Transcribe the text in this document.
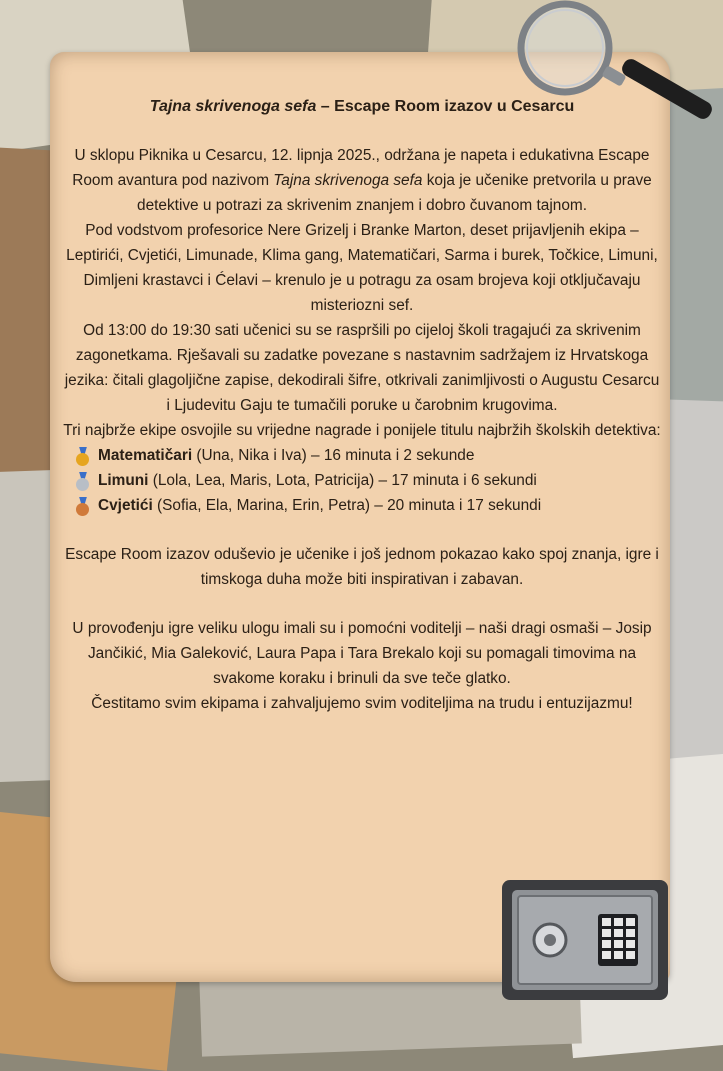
Tajna skrivenoga sefa – Escape Room izazov u Cesarcu

U sklopu Piknika u Cesarcu, 12. lipnja 2025., održana je napeta i edukativna Escape Room avantura pod nazivom Tajna skrivenoga sefa koja je učenike pretvorila u prave detektive u potrazi za skrivenim znanjem i dobro čuvanom tajnom.

Pod vodstvom profesorice Nere Grizelj i Branke Marton, deset prijavljenih ekipa – Leptirići, Cvjetići, Limunade, Klima gang, Matematičari, Sarma i burek, Točkice, Limuni, Dimljeni krastavci i Ćelavi – krenulo je u potragu za osam brojeva koji otključavaju misteriozni sef.

Od 13:00 do 19:30 sati učenici su se raspršili po cijeloj školi tragajući za skrivenim zagonetkama. Rješavali su zadatke povezane s nastavnim sadržajem iz Hrvatskoga jezika: čitali glagoljične zapise, dekodirali šifre, otkrivali zanimljivosti o Augustu Cesarcu i Ljudevitu Gaju te tumačili poruke u čarobnim krugovima.

Tri najbrže ekipe osvojile su vrijedne nagrade i ponijele titulu najbržih školskih detektiva:

Matematičari (Una, Nika i Iva) – 16 minuta i 2 sekunde
Limuni (Lola, Lea, Maris, Lota, Patricija) – 17 minuta i 6 sekundi
Cvjetići (Sofia, Ela, Marina, Erin, Petra) – 20 minuta i 17 sekundi

Escape Room izazov oduševio je učenike i još jednom pokazao kako spoj znanja, igre i timskoga duha može biti inspirativan i zabavan.

U provođenju igre veliku ulogu imali su i pomoćni voditelji – naši dragi osmaši – Josip Jančikić, Mia Galeković, Laura Papa i Tara Brekalo koji su pomagali timovima na svakome koraku i brinuli da sve teče glatko.

Čestitamo svim ekipama i zahvaljujemo svim voditeljima na trudu i entuzijazmu!
